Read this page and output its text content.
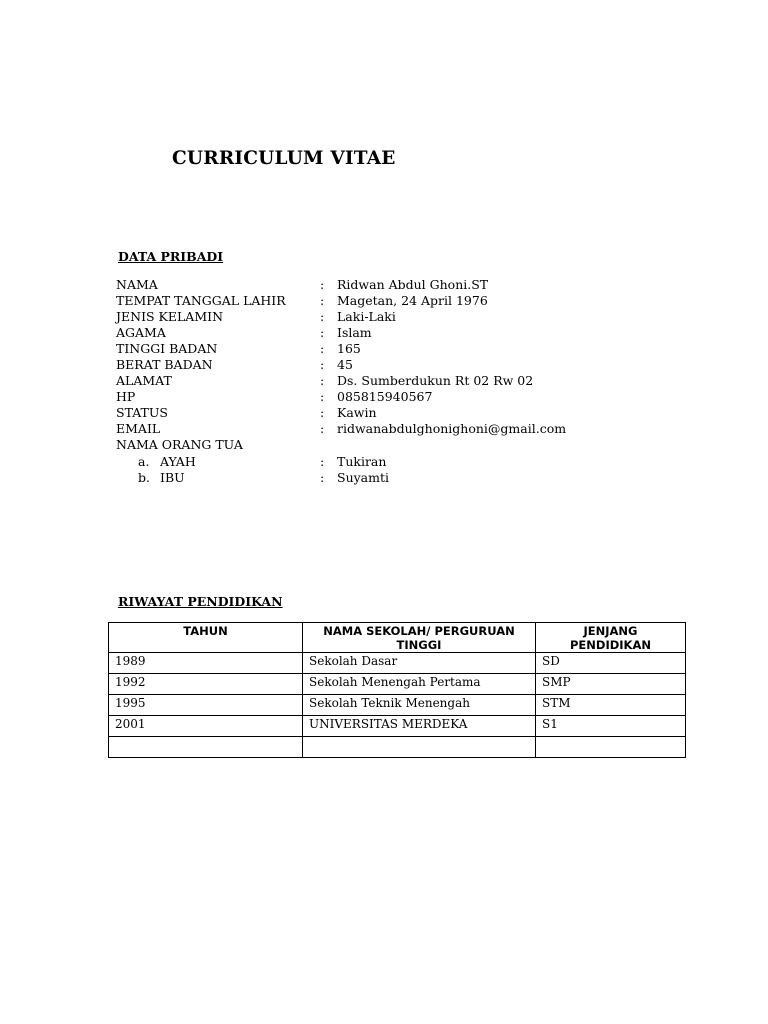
CURRICULUM VITAE
DATA PRIBADI
NAMA	: Ridwan Abdul Ghoni.ST
TEMPAT TANGGAL LAHIR	: Magetan, 24 April 1976
JENIS KELAMIN	: Laki-Laki
AGAMA	: Islam
TINGGI BADAN	: 165
BERAT BADAN	: 45
ALAMAT	: Ds. Sumberdukun Rt 02 Rw 02
HP	: 085815940567
STATUS	: Kawin
EMAIL	: ridwanabdulghonighoni@gmail.com
NAMA ORANG TUA
a. AYAH	: Tukiran
b. IBU	: Suyamti
RIWAYAT PENDIDIKAN
TAHUN	NAMA SEKOLAH/ PERGURUAN TINGGI	JENJANG PENDIDIKAN
1989	Sekolah Dasar	SD
1992	Sekolah Menengah Pertama	SMP
1995	Sekolah Teknik Menengah	STM
2001	UNIVERSITAS MERDEKA	S1
